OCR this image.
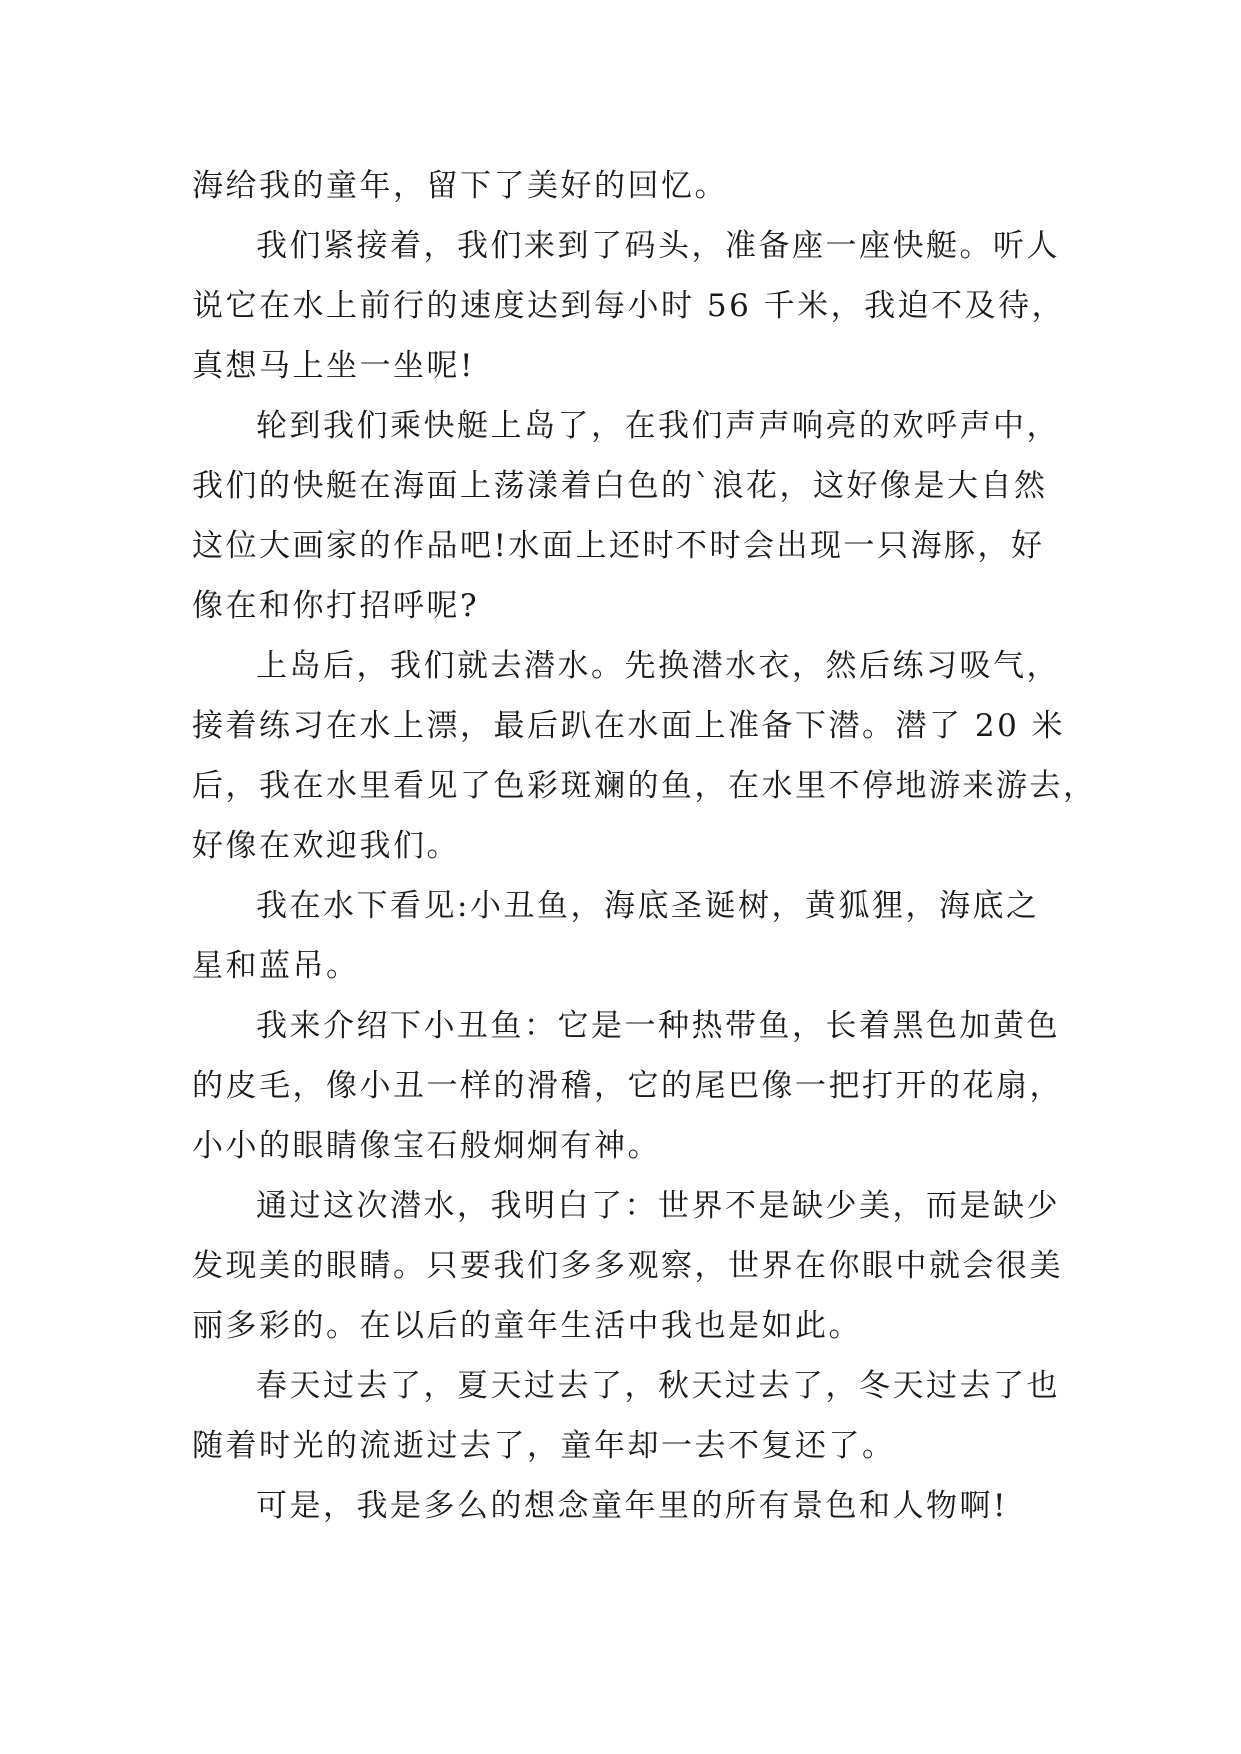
海给我的童年，留下了美好的回忆。
我们紧接着，我们来到了码头，准备座一座快艇。听人
说它在水上前行的速度达到每小时 56 千米，我迫不及待，
真想马上坐一坐呢!
轮到我们乘快艇上岛了，在我们声声响亮的欢呼声中，
我们的快艇在海面上荡漾着白色的`浪花，这好像是大自然
这位大画家的作品吧!水面上还时不时会出现一只海豚，好
像在和你打招呼呢?
上岛后，我们就去潜水。先换潜水衣，然后练习吸气，
接着练习在水上漂，最后趴在水面上准备下潜。潜了 20 米
后，我在水里看见了色彩斑斓的鱼，在水里不停地游来游去，
好像在欢迎我们。
我在水下看见:小丑鱼，海底圣诞树，黄狐狸，海底之
星和蓝吊。
我来介绍下小丑鱼：它是一种热带鱼，长着黑色加黄色
的皮毛，像小丑一样的滑稽，它的尾巴像一把打开的花扇，
小小的眼睛像宝石般炯炯有神。
通过这次潜水，我明白了：世界不是缺少美，而是缺少
发现美的眼睛。只要我们多多观察，世界在你眼中就会很美
丽多彩的。在以后的童年生活中我也是如此。
春天过去了，夏天过去了，秋天过去了，冬天过去了也
随着时光的流逝过去了，童年却一去不复还了。
可是，我是多么的想念童年里的所有景色和人物啊!
